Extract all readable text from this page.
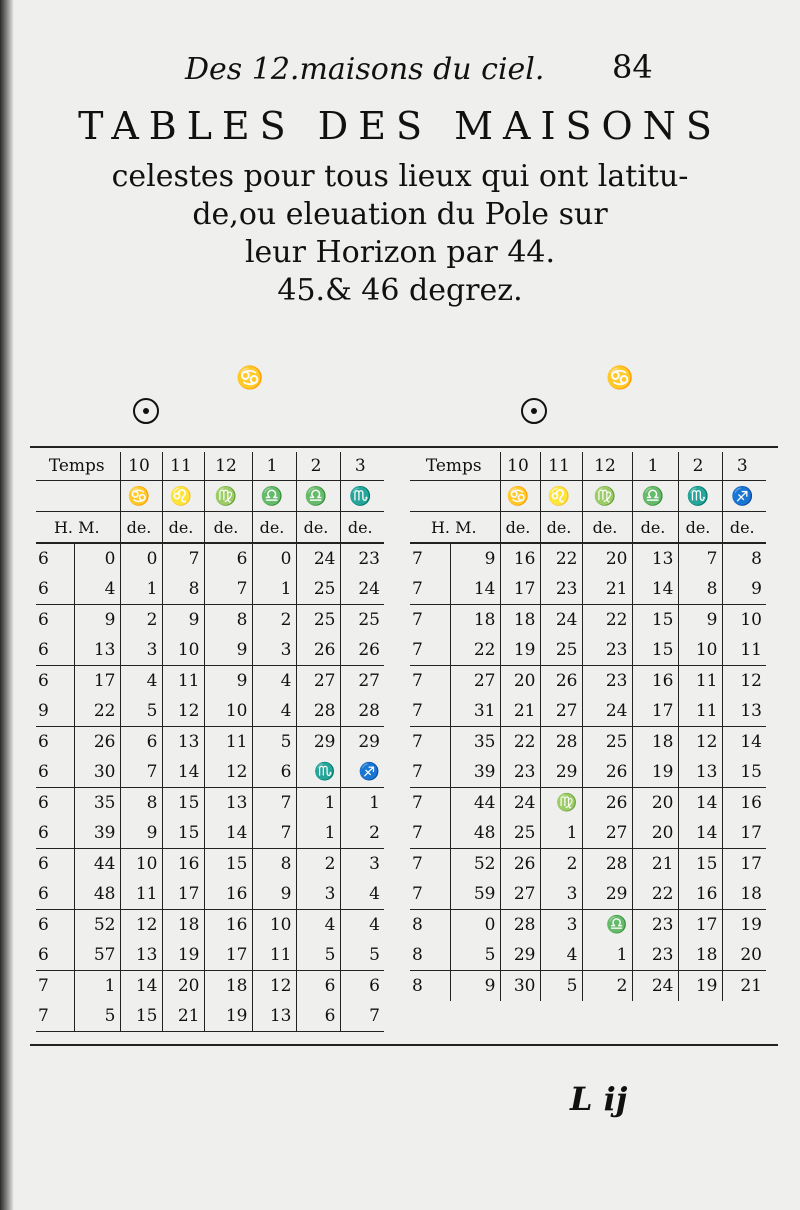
Des 12.maisons du ciel. 84
TABLES DES MAISONS
celestes pour tous lieux qui ont latitu-
de,ou eleuation du Pole sur
leur Horizon par 44.
45.& 46 degrez.
♋	♋
Temps		10	11	12	1	2	3
		♋	♌	♍	♎	♎	♏
H. M.		de.	de.	de.	de.	de.	de.
6	0	0	7	6	0	24	23
6	4	1	8	7	1	25	24
6	9	2	9	8	2	25	25
6	13	3	10	9	3	26	26
6	17	4	11	9	4	27	27
9	22	5	12	10	4	28	28
6	26	6	13	11	5	29	29
6	30	7	14	12	6	♏	♐
6	35	8	15	13	7	1	1
6	39	9	15	14	7	1	2
6	44	10	16	15	8	2	3
6	48	11	17	16	9	3	4
6	52	12	18	16	10	4	4
6	57	13	19	17	11	5	5
7	1	14	20	18	12	6	6
7	5	15	21	19	13	6	7
Temps		10	11	12	1	2	3
		♋	♌	♍	♎	♏	♐
H. M.		de.	de.	de.	de.	de.	de.
7	9	16	22	20	13	7	8
7	14	17	23	21	14	8	9
7	18	18	24	22	15	9	10
7	22	19	25	23	15	10	11
7	27	20	26	23	16	11	12
7	31	21	27	24	17	11	13
7	35	22	28	25	18	12	14
7	39	23	29	26	19	13	15
7	44	24	♍	26	20	14	16
7	48	25	1	27	20	14	17
7	52	26	2	28	21	15	17
7	59	27	3	29	22	16	18
8	0	28	3	♎	23	17	19
8	5	29	4	1	23	18	20
8	9	30	5	2	24	19	21
L ij
